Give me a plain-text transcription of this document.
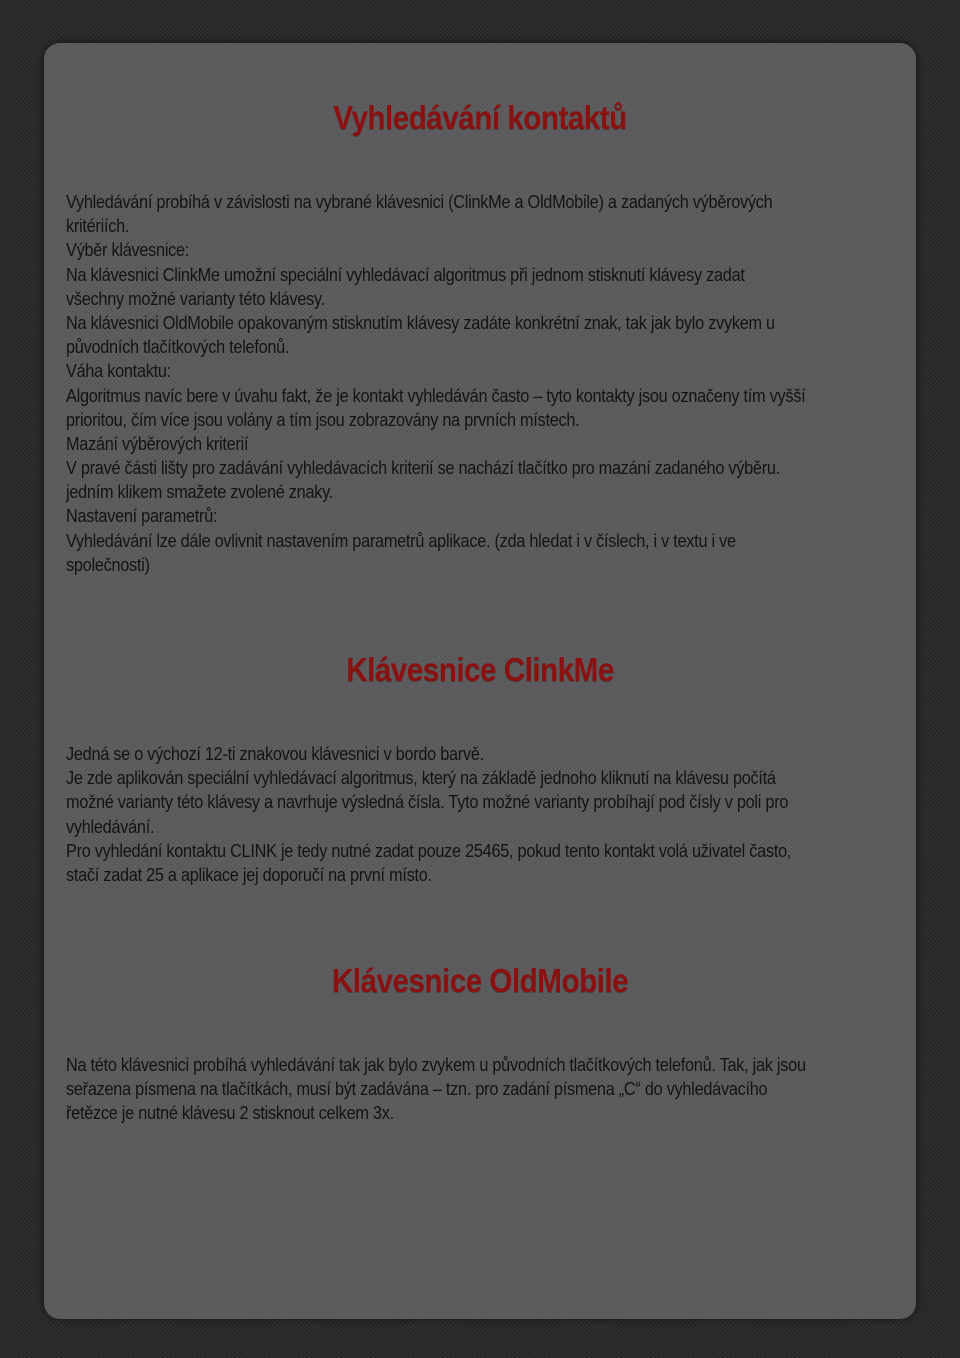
Vyhledávání kontaktů
Vyhledávání probíhá v závislosti na vybrané klávesnici (ClinkMe a OldMobile) a zadaných výběrových
kritériích.
Výběr klávesnice:
Na klávesnici ClinkMe umožní speciální vyhledávací algoritmus při jednom stisknutí klávesy zadat
všechny možné varianty této klávesy.
Na klávesnici OldMobile opakovaným stisknutím klávesy zadáte konkrétní znak, tak jak bylo zvykem u
původních tlačítkových telefonů.
Váha kontaktu:
Algoritmus navíc bere v úvahu fakt, že je kontakt vyhledáván často – tyto kontakty jsou označeny tím vyšší
prioritou, čím více jsou volány a tím jsou zobrazovány na prvních místech.
Mazání výběrových kriterií
V pravé části lišty pro zadávání vyhledávacích kriterií se nachází tlačítko pro mazání zadaného výběru.
jedním klikem smažete zvolené znaky.
Nastavení parametrů:
Vyhledávání lze dále ovlivnit nastavením parametrů aplikace. (zda hledat i v číslech, i v textu i ve
společnosti)
Klávesnice ClinkMe
Jedná se o výchozí 12-ti znakovou klávesnici v bordo barvě.
Je zde aplikován speciální vyhledávací algoritmus, který na základě jednoho kliknutí na klávesu počítá
možné varianty této klávesy a navrhuje výsledná čísla. Tyto možné varianty probíhají pod čísly v poli pro
vyhledávání.
Pro vyhledání kontaktu CLINK je tedy nutné zadat pouze 25465, pokud tento kontakt volá uživatel často,
stačí zadat 25 a aplikace jej doporučí na první místo.
Klávesnice OldMobile
Na této klávesnici probíhá vyhledávání tak jak bylo zvykem u původních tlačítkových telefonů. Tak, jak jsou
seřazena písmena na tlačítkách, musí být zadávána – tzn. pro zadání písmena „C“ do vyhledávacího
řetězce je nutné klávesu 2 stisknout celkem 3x.
